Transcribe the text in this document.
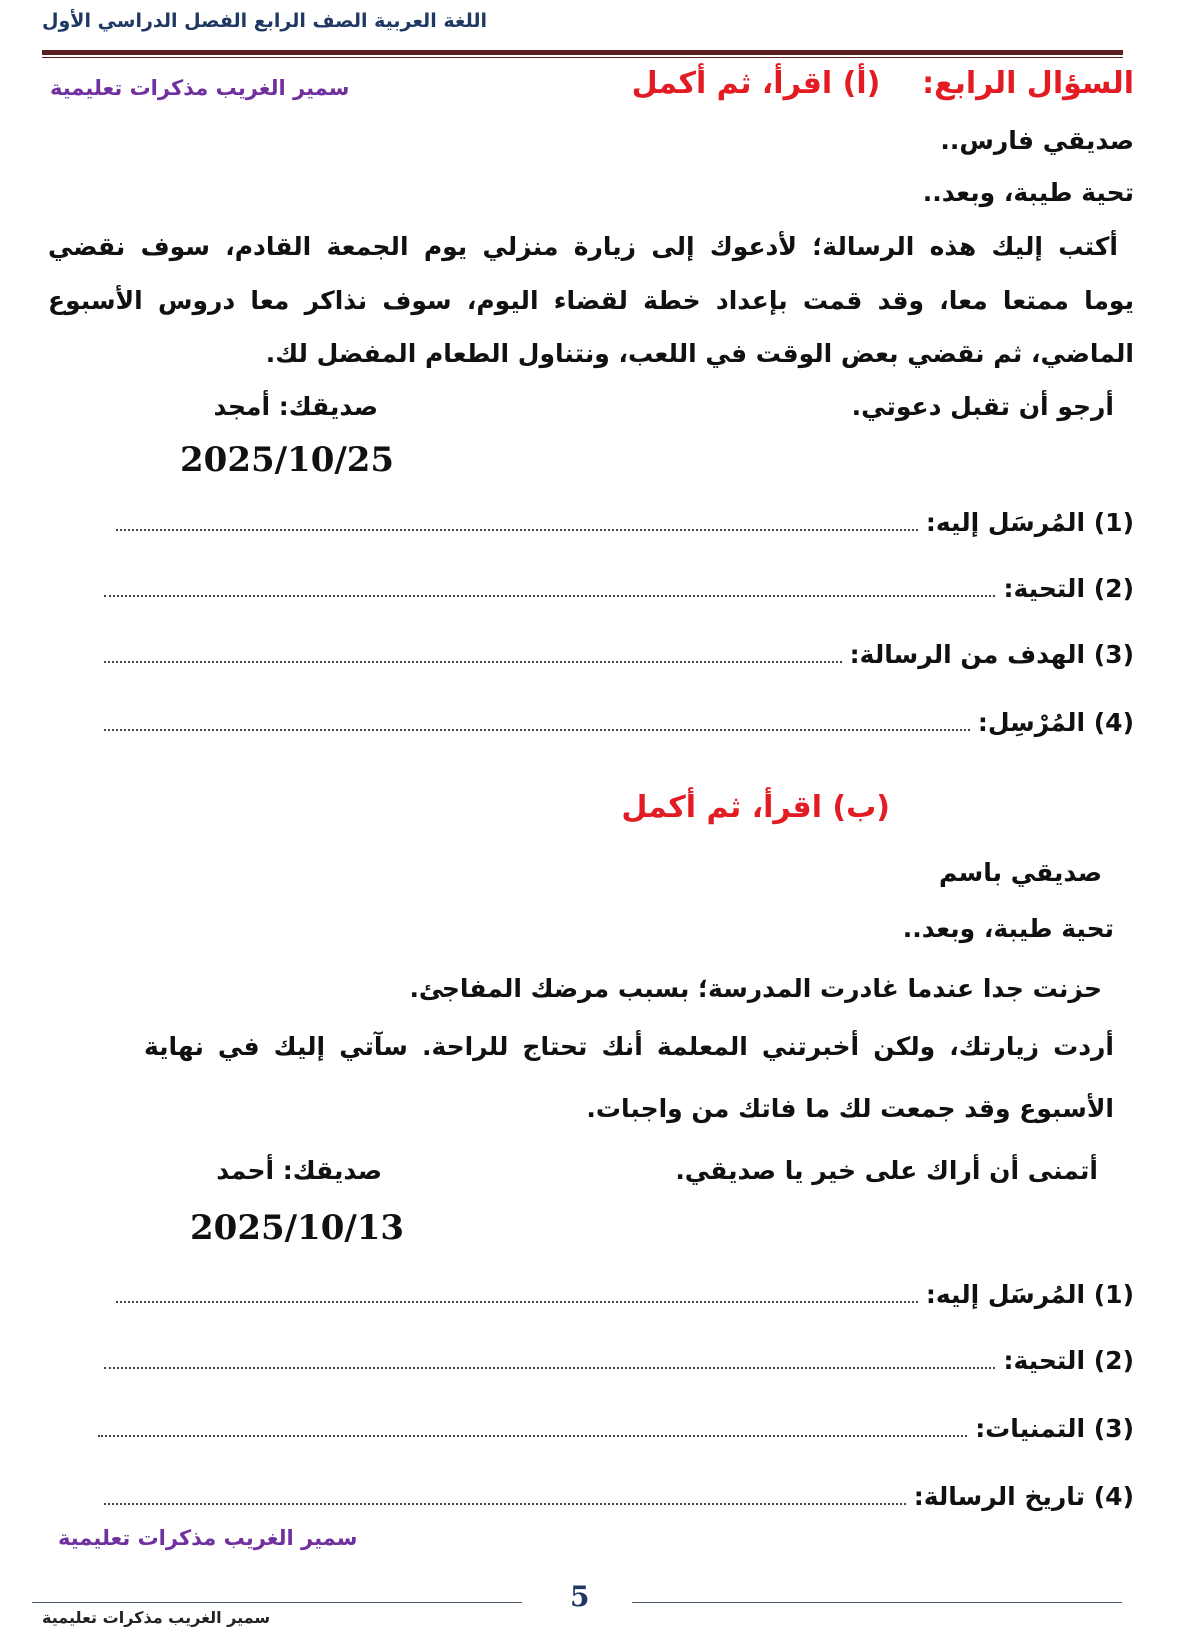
اللغة العربية الصف الرابع الفصل الدراسي الأول
السؤال الرابع:    (أ) اقرأ، ثم أكمل
سمير الغريب مذكرات تعليمية
صديقي فارس..
تحية طيبة، وبعد..
أكتب إليك هذه الرسالة؛ لأدعوك إلى زيارة منزلي يوم الجمعة القادم، سوف نقضي
يوما ممتعا معا، وقد قمت بإعداد خطة لقضاء اليوم، سوف نذاكر معا دروس الأسبوع
الماضي، ثم نقضي بعض الوقت في اللعب، ونتناول الطعام المفضل لك.
أرجو أن تقبل دعوتي.
صديقك: أمجد
2025/10/25
(1) المُرسَل إليه:
(2) التحية:
(3) الهدف من الرسالة:
(4) المُرْسِل:
(ب) اقرأ، ثم أكمل
صديقي باسم
تحية طيبة، وبعد..
حزنت جدا عندما غادرت المدرسة؛ بسبب مرضك المفاجئ.
أردت زيارتك، ولكن أخبرتني المعلمة أنك تحتاج للراحة. سآتي إليك في نهاية
الأسبوع وقد جمعت لك ما فاتك من واجبات.
أتمنى أن أراك على خير يا صديقي.
صديقك: أحمد
2025/10/13
(1) المُرسَل إليه:
(2) التحية:
(3) التمنيات:
(4) تاريخ الرسالة:
سمير الغريب مذكرات تعليمية
5
سمير الغريب مذكرات تعليمية
